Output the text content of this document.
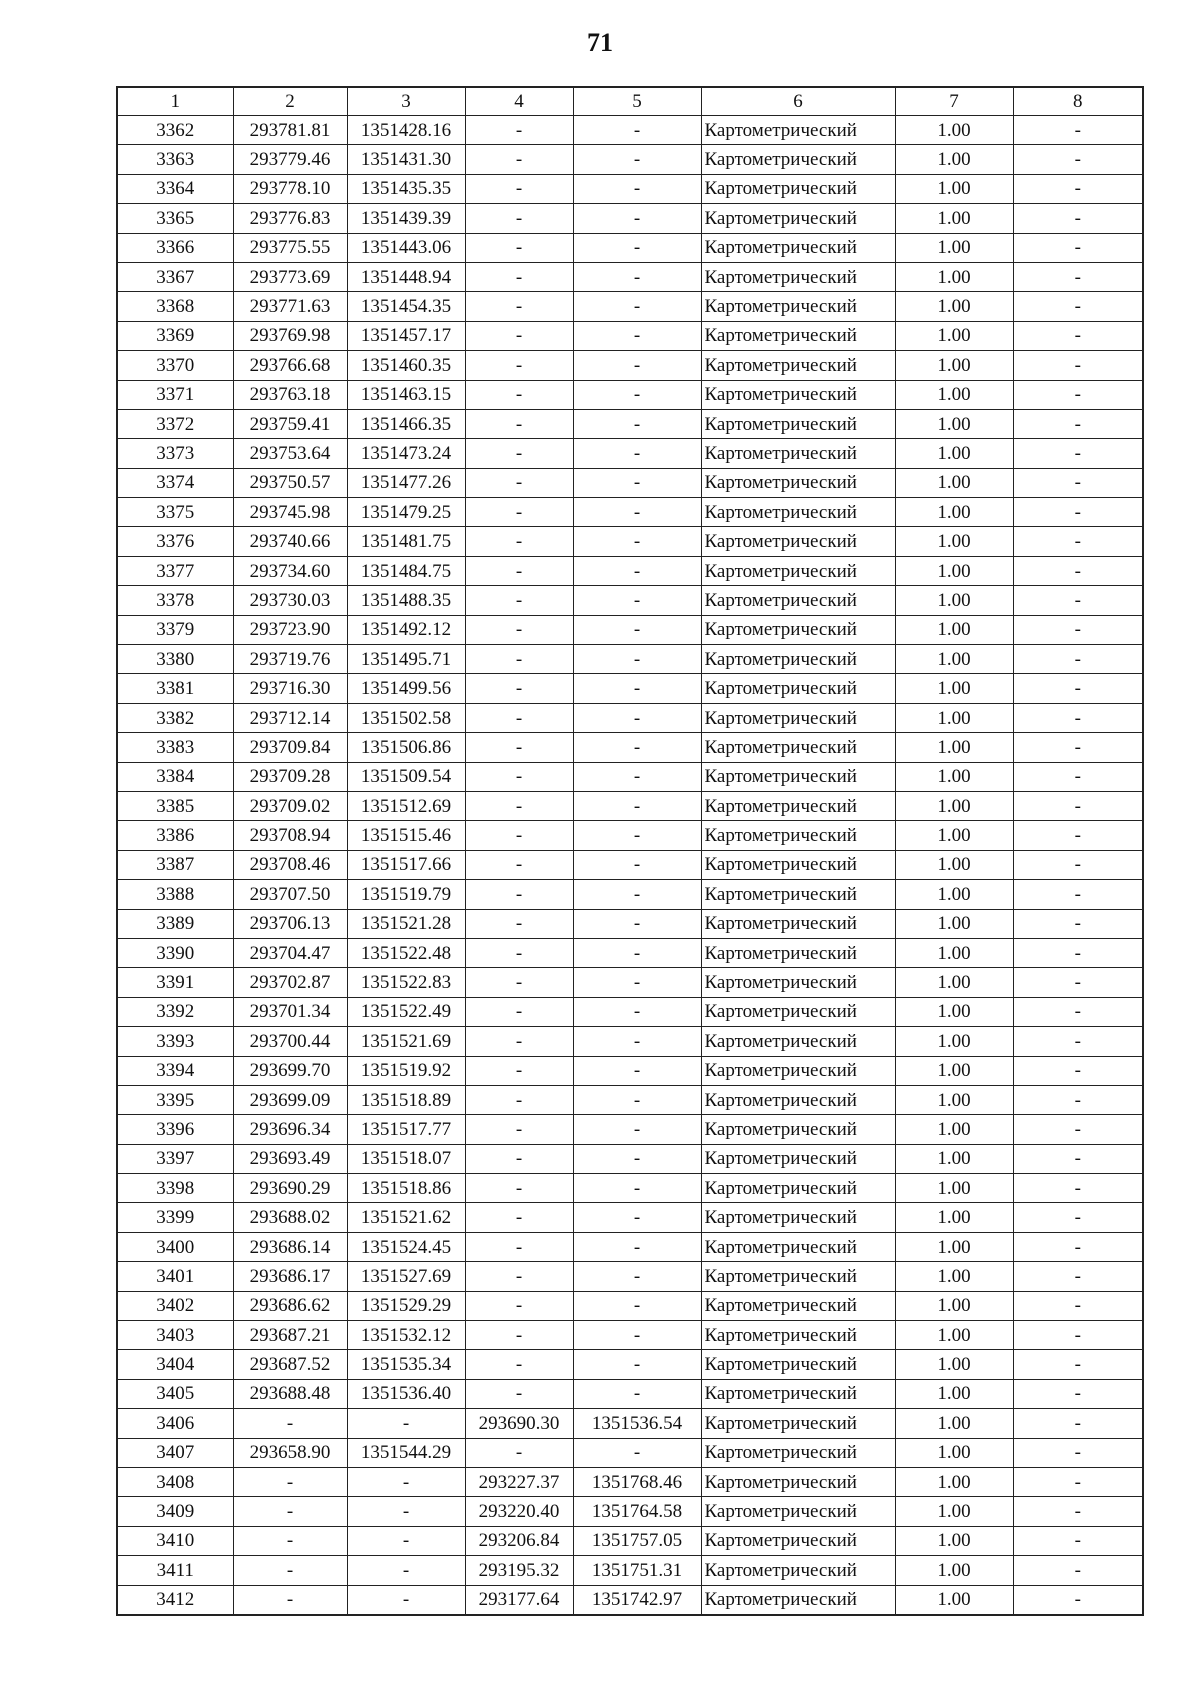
71
1	2	3	4	5	6	7	8
3362	293781.81	1351428.16	-	-	Картометрический	1.00	-
3363	293779.46	1351431.30	-	-	Картометрический	1.00	-
3364	293778.10	1351435.35	-	-	Картометрический	1.00	-
3365	293776.83	1351439.39	-	-	Картометрический	1.00	-
3366	293775.55	1351443.06	-	-	Картометрический	1.00	-
3367	293773.69	1351448.94	-	-	Картометрический	1.00	-
3368	293771.63	1351454.35	-	-	Картометрический	1.00	-
3369	293769.98	1351457.17	-	-	Картометрический	1.00	-
3370	293766.68	1351460.35	-	-	Картометрический	1.00	-
3371	293763.18	1351463.15	-	-	Картометрический	1.00	-
3372	293759.41	1351466.35	-	-	Картометрический	1.00	-
3373	293753.64	1351473.24	-	-	Картометрический	1.00	-
3374	293750.57	1351477.26	-	-	Картометрический	1.00	-
3375	293745.98	1351479.25	-	-	Картометрический	1.00	-
3376	293740.66	1351481.75	-	-	Картометрический	1.00	-
3377	293734.60	1351484.75	-	-	Картометрический	1.00	-
3378	293730.03	1351488.35	-	-	Картометрический	1.00	-
3379	293723.90	1351492.12	-	-	Картометрический	1.00	-
3380	293719.76	1351495.71	-	-	Картометрический	1.00	-
3381	293716.30	1351499.56	-	-	Картометрический	1.00	-
3382	293712.14	1351502.58	-	-	Картометрический	1.00	-
3383	293709.84	1351506.86	-	-	Картометрический	1.00	-
3384	293709.28	1351509.54	-	-	Картометрический	1.00	-
3385	293709.02	1351512.69	-	-	Картометрический	1.00	-
3386	293708.94	1351515.46	-	-	Картометрический	1.00	-
3387	293708.46	1351517.66	-	-	Картометрический	1.00	-
3388	293707.50	1351519.79	-	-	Картометрический	1.00	-
3389	293706.13	1351521.28	-	-	Картометрический	1.00	-
3390	293704.47	1351522.48	-	-	Картометрический	1.00	-
3391	293702.87	1351522.83	-	-	Картометрический	1.00	-
3392	293701.34	1351522.49	-	-	Картометрический	1.00	-
3393	293700.44	1351521.69	-	-	Картометрический	1.00	-
3394	293699.70	1351519.92	-	-	Картометрический	1.00	-
3395	293699.09	1351518.89	-	-	Картометрический	1.00	-
3396	293696.34	1351517.77	-	-	Картометрический	1.00	-
3397	293693.49	1351518.07	-	-	Картометрический	1.00	-
3398	293690.29	1351518.86	-	-	Картометрический	1.00	-
3399	293688.02	1351521.62	-	-	Картометрический	1.00	-
3400	293686.14	1351524.45	-	-	Картометрический	1.00	-
3401	293686.17	1351527.69	-	-	Картометрический	1.00	-
3402	293686.62	1351529.29	-	-	Картометрический	1.00	-
3403	293687.21	1351532.12	-	-	Картометрический	1.00	-
3404	293687.52	1351535.34	-	-	Картометрический	1.00	-
3405	293688.48	1351536.40	-	-	Картометрический	1.00	-
3406	-	-	293690.30	1351536.54	Картометрический	1.00	-
3407	293658.90	1351544.29	-	-	Картометрический	1.00	-
3408	-	-	293227.37	1351768.46	Картометрический	1.00	-
3409	-	-	293220.40	1351764.58	Картометрический	1.00	-
3410	-	-	293206.84	1351757.05	Картометрический	1.00	-
3411	-	-	293195.32	1351751.31	Картометрический	1.00	-
3412	-	-	293177.64	1351742.97	Картометрический	1.00	-
